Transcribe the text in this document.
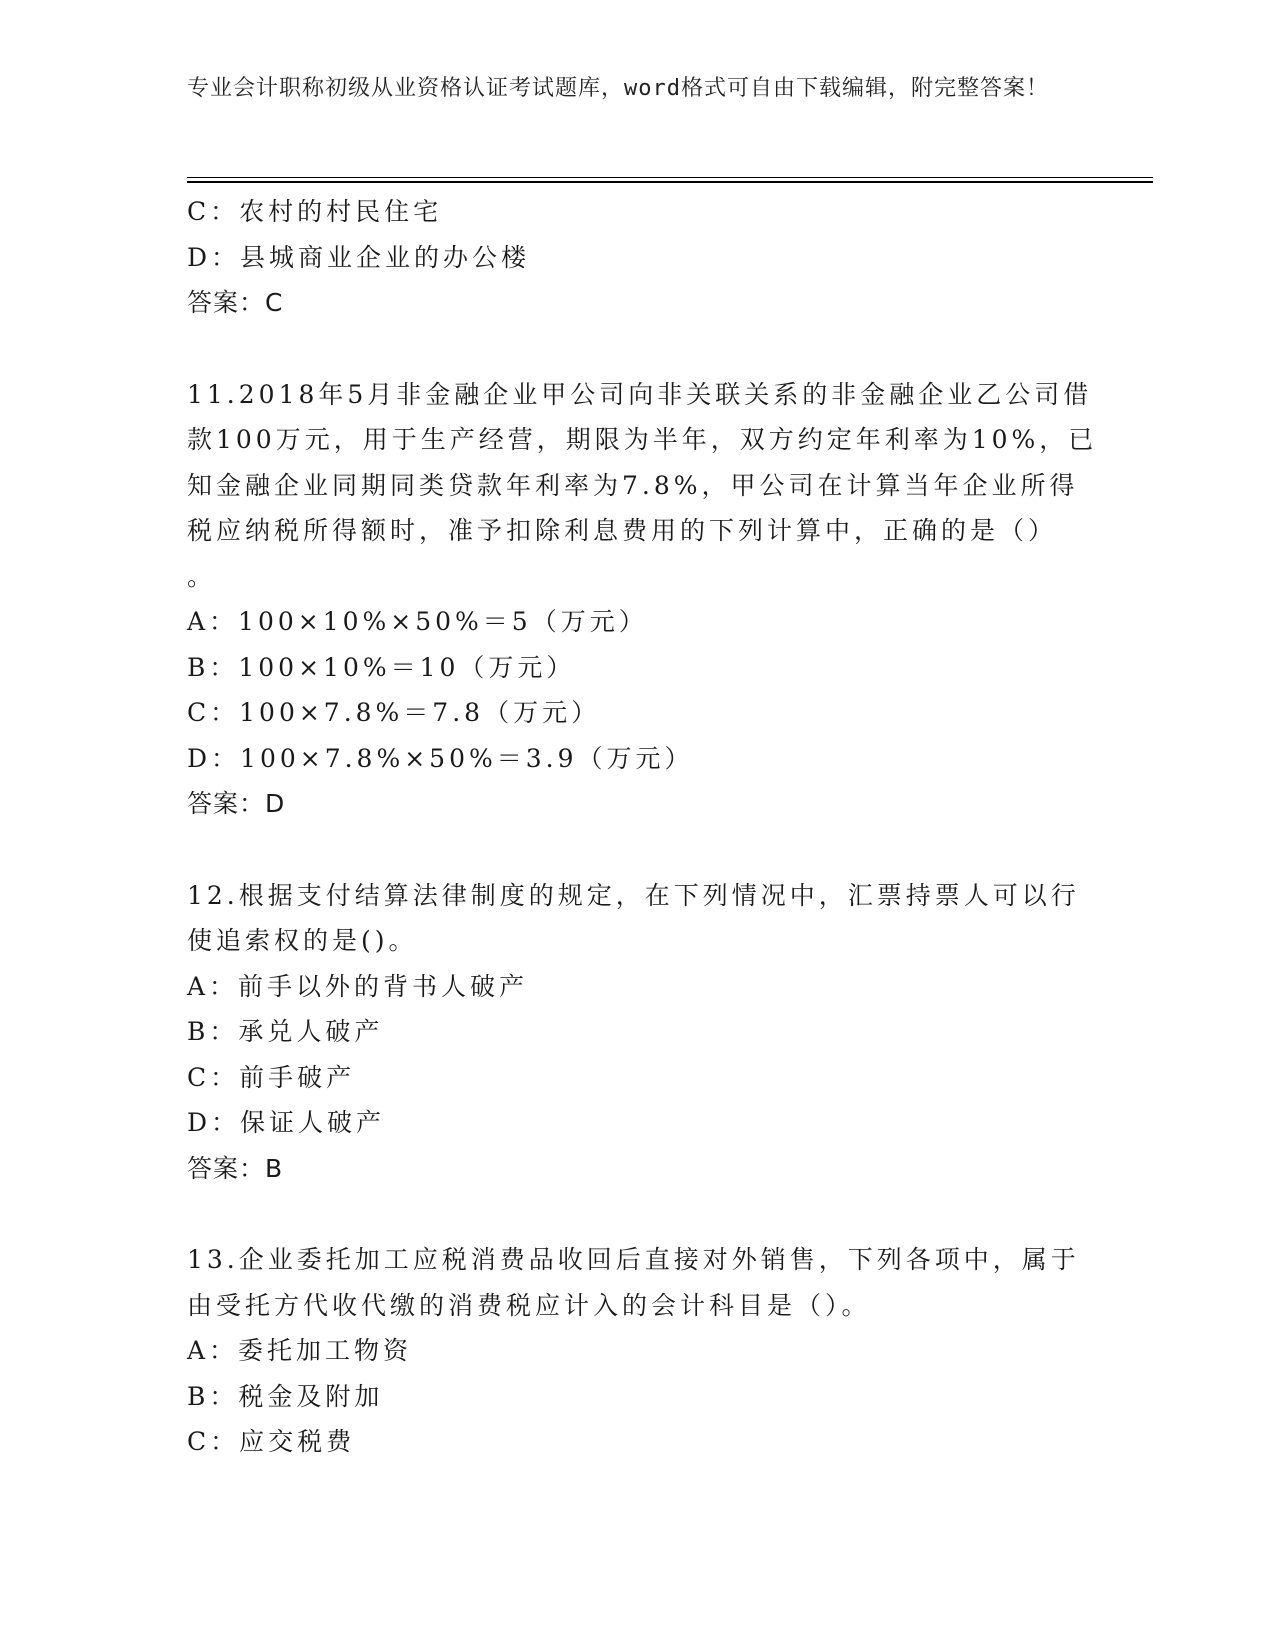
专业会计职称初级从业资格认证考试题库，word格式可自由下载编辑，附完整答案！
C：农村的村民住宅
D：县城商业企业的办公楼
答案：C
11.2018年5月非金融企业甲公司向非关联关系的非金融企业乙公司借
款100万元，用于生产经营，期限为半年，双方约定年利率为10%，已
知金融企业同期同类贷款年利率为7.8%，甲公司在计算当年企业所得
税应纳税所得额时，准予扣除利息费用的下列计算中，正确的是（）
。
A：100×10%×50%＝5（万元）
B：100×10%＝10（万元）
C：100×7.8%＝7.8（万元）
D：100×7.8%×50%＝3.9（万元）
答案：D
12.根据支付结算法律制度的规定，在下列情况中，汇票持票人可以行
使追索权的是()。
A：前手以外的背书人破产
B：承兑人破产
C：前手破产
D：保证人破产
答案：B
13.企业委托加工应税消费品收回后直接对外销售，下列各项中，属于
由受托方代收代缴的消费税应计入的会计科目是（）。
A：委托加工物资
B：税金及附加
C：应交税费
